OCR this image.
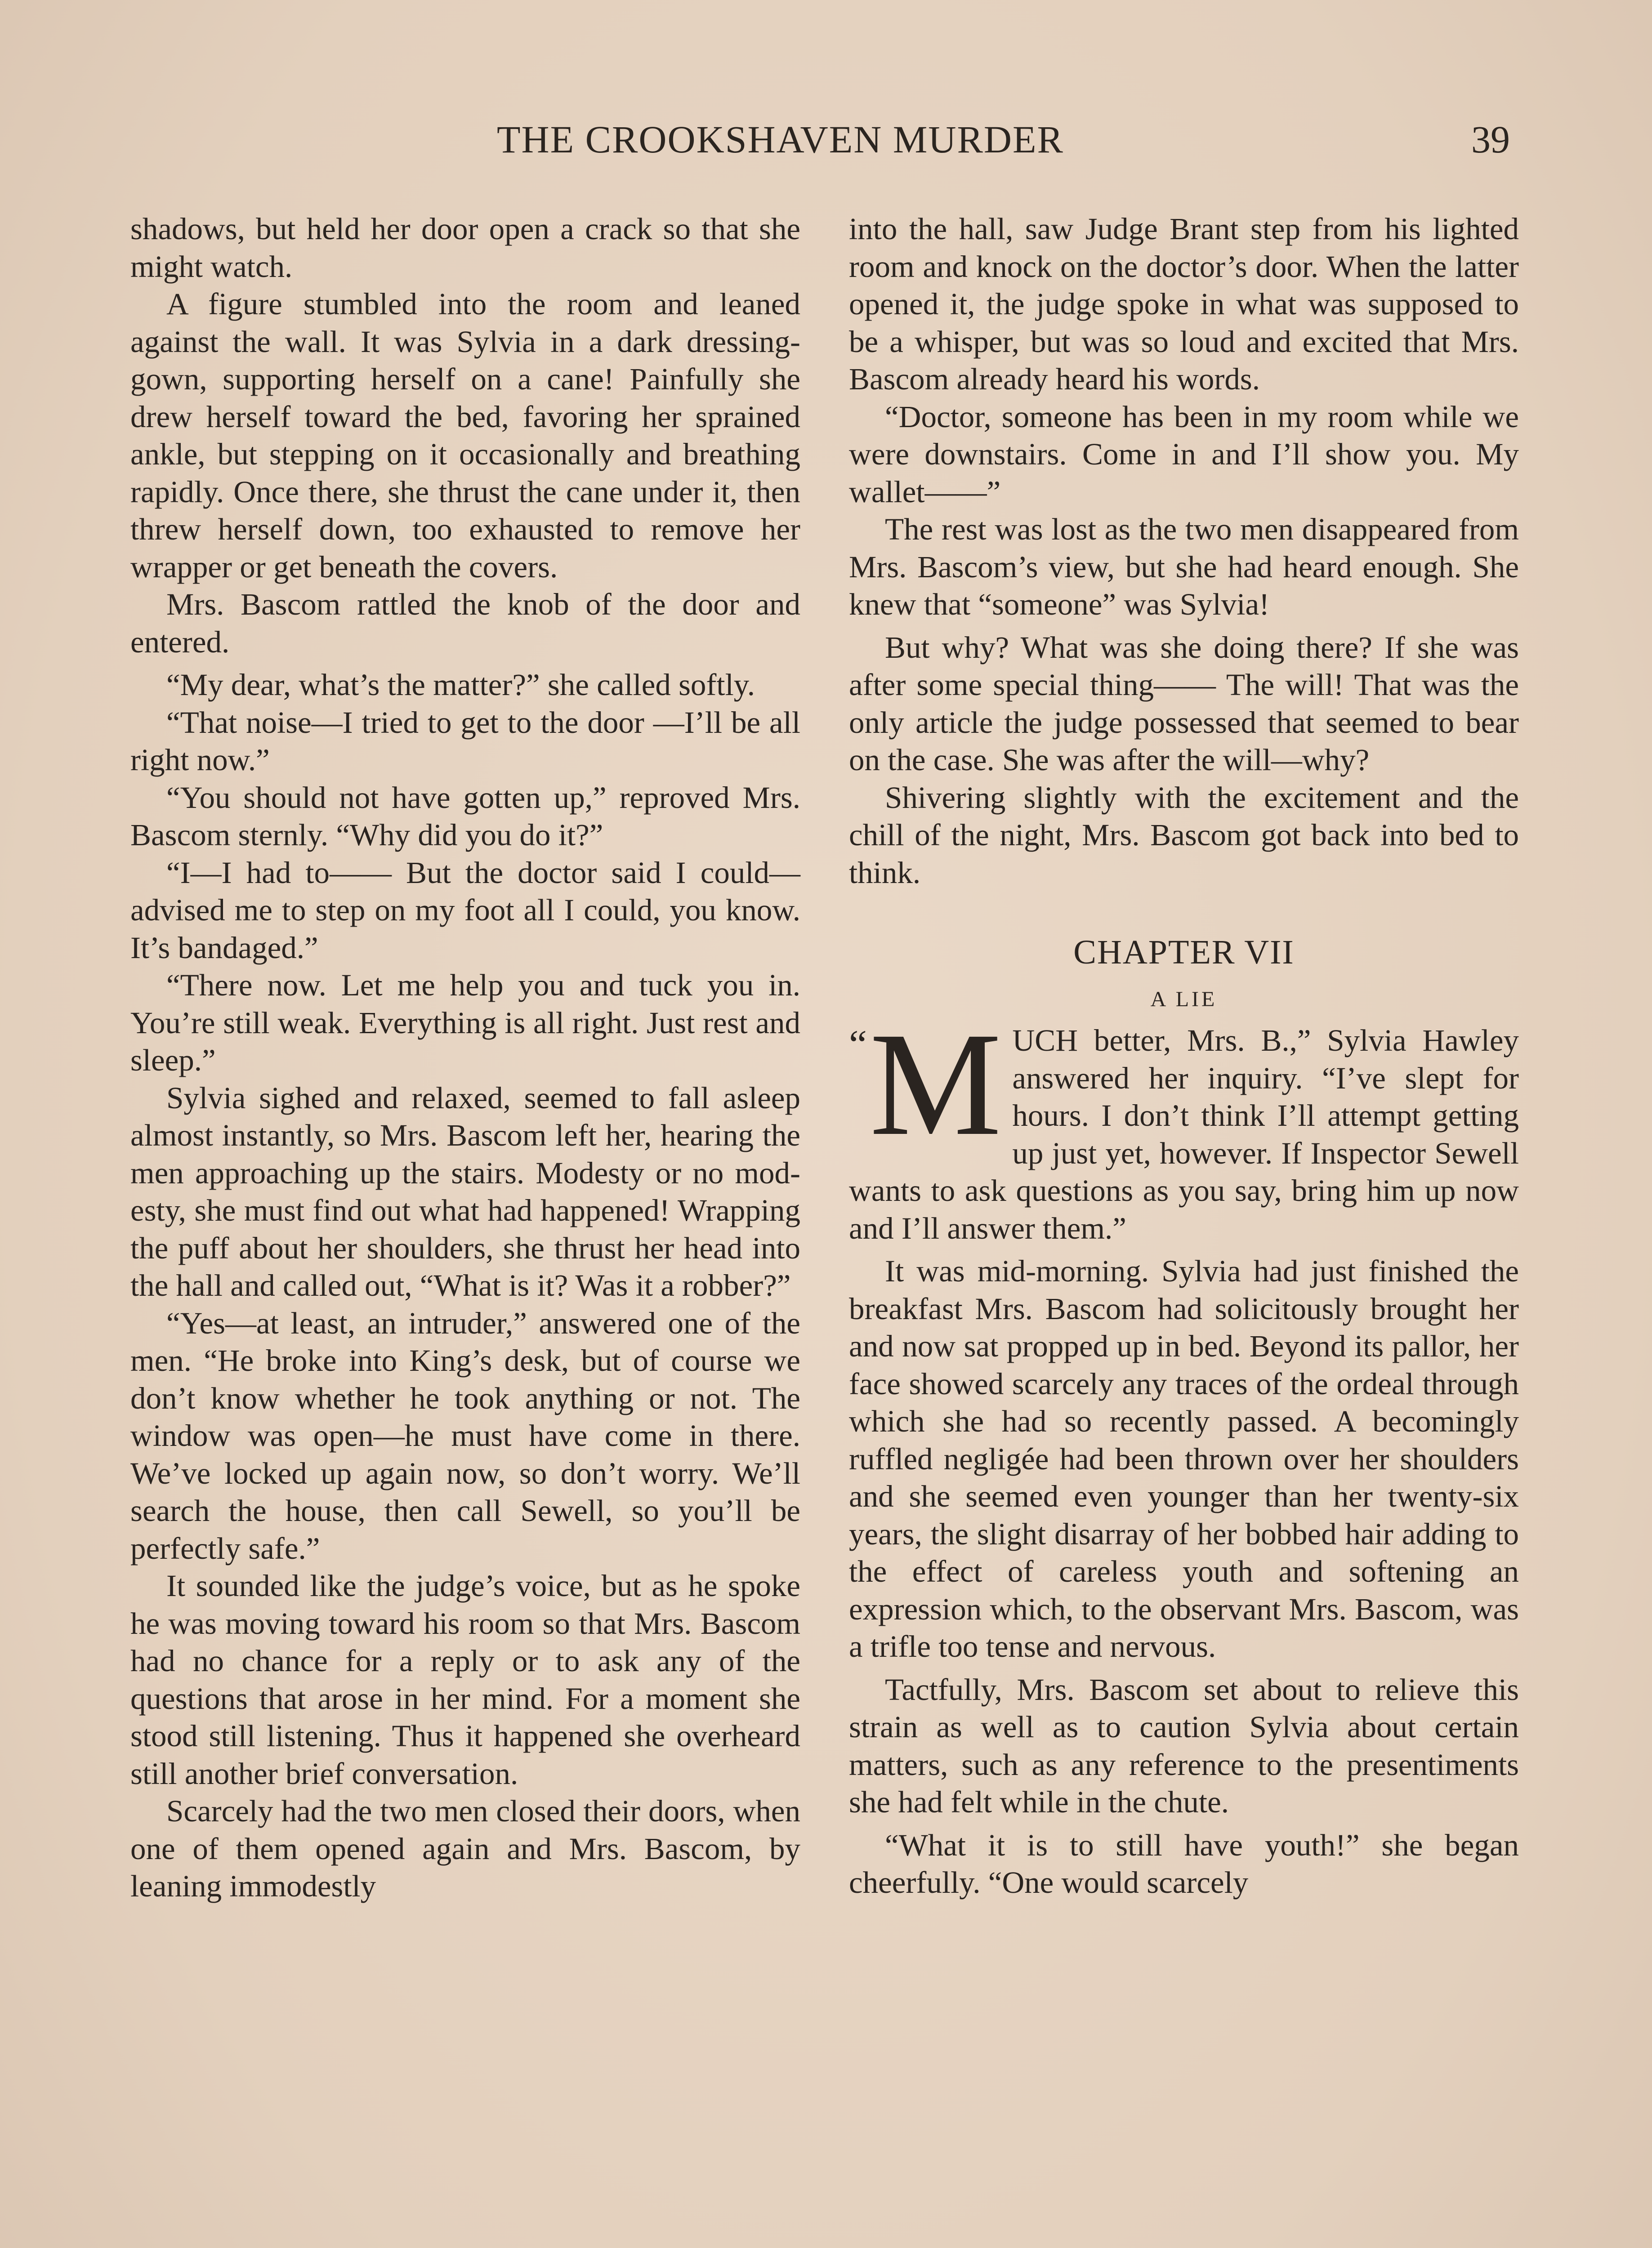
THE CROOKSHAVEN MURDER	39

shadows, but held her door open a crack so that she might watch.

A figure stumbled into the room and leaned against the wall. It was Sylvia in a dark dressing-gown, supporting herself on a cane! Painfully she drew herself toward the bed, favoring her sprained ankle, but stepping on it occasionally and breathing rapidly. Once there, she thrust the cane under it, then threw herself down, too exhausted to remove her wrapper or get beneath the covers.

Mrs. Bascom rattled the knob of the door and entered.

“My dear, what’s the matter?” she called softly.

“That noise—I tried to get to the door —I’ll be all right now.”

“You should not have gotten up,” reproved Mrs. Bascom sternly. “Why did you do it?”

“I—I had to—— But the doctor said I could—advised me to step on my foot all I could, you know. It’s bandaged.”

“There now. Let me help you and tuck you in. You’re still weak. Everything is all right. Just rest and sleep.”

Sylvia sighed and relaxed, seemed to fall asleep almost instantly, so Mrs. Bascom left her, hearing the men approaching up the stairs. Modesty or no modesty, she must find out what had happened! Wrapping the puff about her shoulders, she thrust her head into the hall and called out, “What is it? Was it a robber?”

“Yes—at least, an intruder,” answered one of the men. “He broke into King’s desk, but of course we don’t know whether he took anything or not. The window was open—he must have come in there. We’ve locked up again now, so don’t worry. We’ll search the house, then call Sewell, so you’ll be perfectly safe.”

It sounded like the judge’s voice, but as he spoke he was moving toward his room so that Mrs. Bascom had no chance for a reply or to ask any of the questions that arose in her mind. For a moment she stood still listening. Thus it happened she overheard still another brief conversation.

Scarcely had the two men closed their doors, when one of them opened again and Mrs. Bascom, by leaning immodestly

into the hall, saw Judge Brant step from his lighted room and knock on the doctor’s door. When the latter opened it, the judge spoke in what was supposed to be a whisper, but was so loud and excited that Mrs. Bascom already heard his words.

“Doctor, someone has been in my room while we were downstairs. Come in and I’ll show you. My wallet——”

The rest was lost as the two men disappeared from Mrs. Bascom’s view, but she had heard enough. She knew that “someone” was Sylvia!

But why? What was she doing there? If she was after some special thing—— The will! That was the only article the judge possessed that seemed to bear on the case. She was after the will—why?

Shivering slightly with the excitement and the chill of the night, Mrs. Bascom got back into bed to think.

CHAPTER VII
A LIE

“ M UCH better, Mrs. B.,” Sylvia Hawley answered her inquiry. “I’ve slept for hours. I don’t think I’ll attempt getting up just yet, however. If Inspector Sewell wants to ask questions as you say, bring him up now and I’ll answer them.”

It was mid-morning. Sylvia had just finished the breakfast Mrs. Bascom had solicitously brought her and now sat propped up in bed. Beyond its pallor, her face showed scarcely any traces of the ordeal through which she had so recently passed. A becomingly ruffled negligée had been thrown over her shoulders and she seemed even younger than her twenty-six years, the slight disarray of her bobbed hair adding to the effect of careless youth and softening an expression which, to the observant Mrs. Bascom, was a trifle too tense and nervous.

Tactfully, Mrs. Bascom set about to relieve this strain as well as to caution Sylvia about certain matters, such as any reference to the presentiments she had felt while in the chute.

“What it is to still have youth!” she began cheerfully. “One would scarcely
